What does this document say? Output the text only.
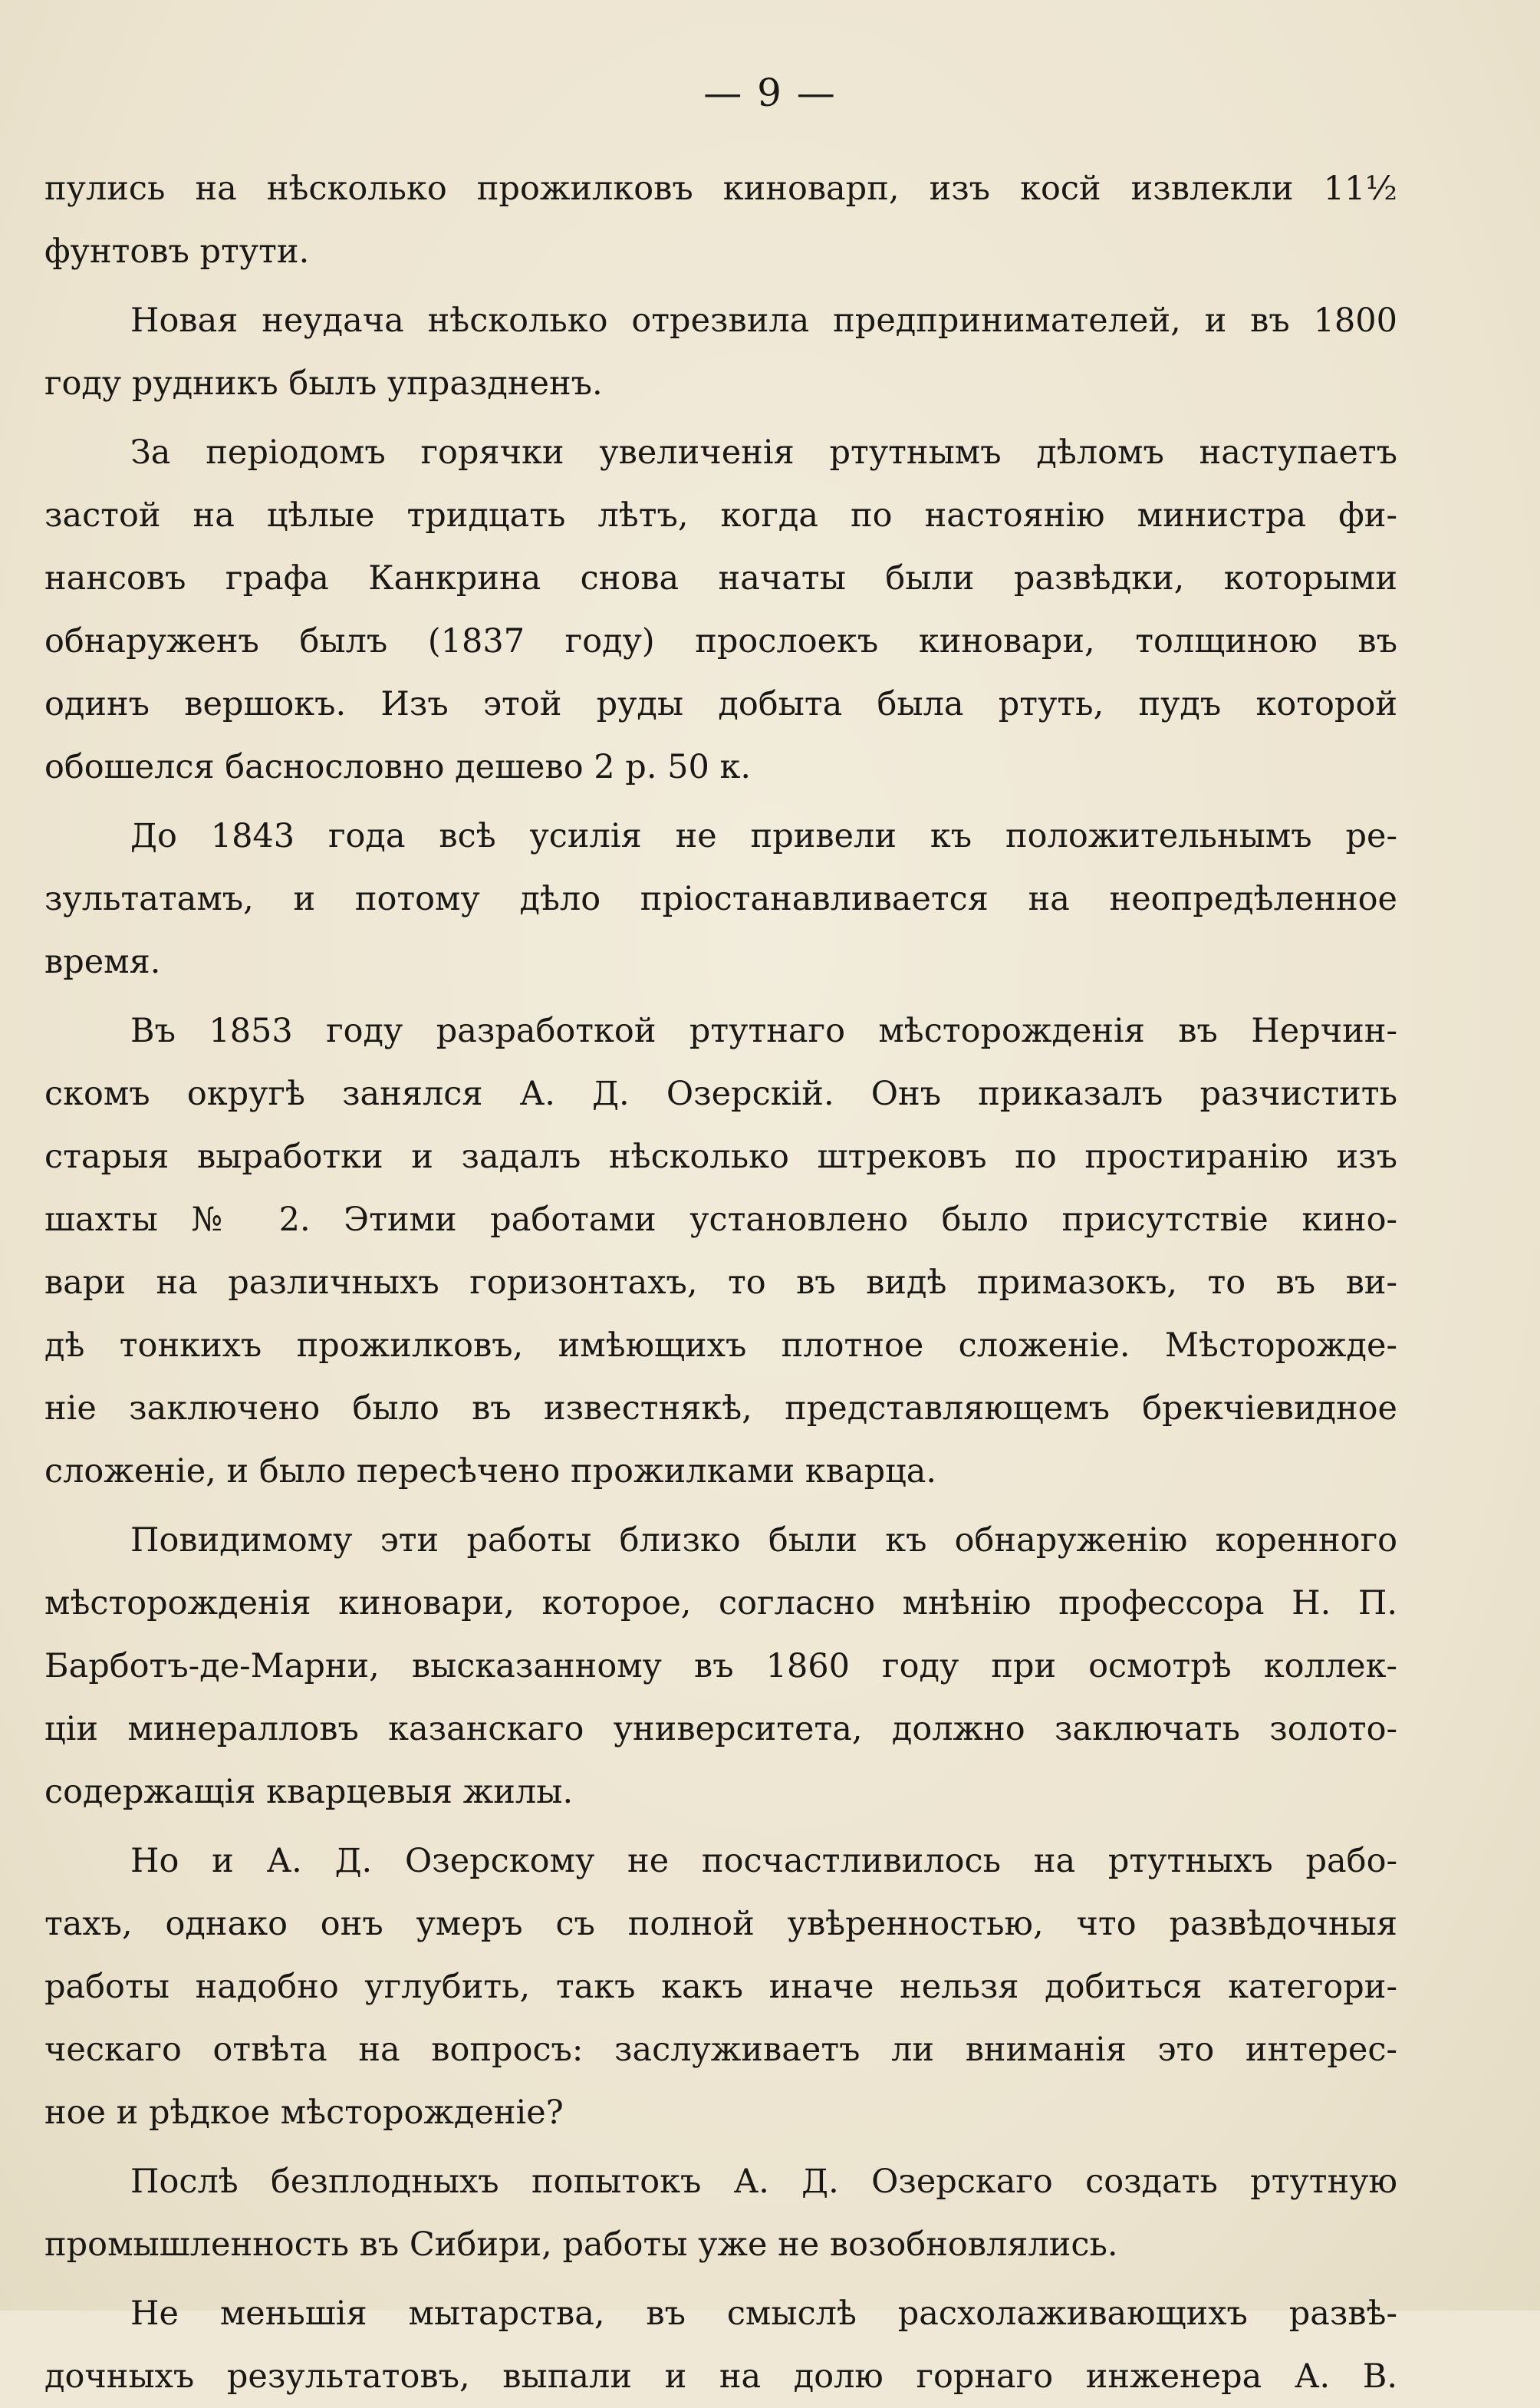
— 9 —
пулись на нѣсколько прожилковъ киноварп, изъ косй извлекли 11½
фунтовъ ртути.
Новая неудача нѣсколько отрезвила предпринимателей, и въ 1800
году рудникъ былъ упраздненъ.
За періодомъ горячки увеличенія ртутнымъ дѣломъ наступаетъ
застой на цѣлые тридцать лѣтъ, когда по настоянію министра фи-
нансовъ графа Канкрина снова начаты были развѣдки, которыми
обнаруженъ былъ (1837 году) прослоекъ киновари, толщиною въ
одинъ вершокъ. Изъ этой руды добыта была ртуть, пудъ которой
обошелся баснословно дешево 2 р. 50 к.
До 1843 года всѣ усилія не привели къ положительнымъ ре-
зультатамъ, и потому дѣло пріостанавливается на неопредѣленное
время.
Въ 1853 году разработкой ртутнаго мѣсторожденія въ Нерчин-
скомъ округѣ занялся А. Д. Озерскій. Онъ приказалъ разчистить
старыя выработки и задалъ нѣсколько штрековъ по простиранію изъ
шахты № 2. Этими работами установлено было присутствіе кино-
вари на различныхъ горизонтахъ, то въ видѣ примазокъ, то въ ви-
дѣ тонкихъ прожилковъ, имѣющихъ плотное сложеніе. Мѣсторожде-
ніе заключено было въ известнякѣ, представляющемъ брекчіевидное
сложеніе, и было пересѣчено прожилками кварца.
Повидимому эти работы близко были къ обнаруженію коренного
мѣсторожденія киновари, которое, согласно мнѣнію профессора Н. П.
Барботъ-де-Марни, высказанному въ 1860 году при осмотрѣ коллек-
ціи минералловъ казанскаго университета, должно заключать золото-
содержащія кварцевыя жилы.
Но и А. Д. Озерскому не посчастливилось на ртутныхъ рабо-
тахъ, однако онъ умеръ съ полной увѣренностью, что развѣдочныя
работы надобно углубить, такъ какъ иначе нельзя добиться категори-
ческаго отвѣта на вопросъ: заслуживаетъ ли вниманія это интерес-
ное и рѣдкое мѣсторожденіе?
Послѣ безплодныхъ попытокъ А. Д. Озерскаго создать ртутную
промышленность въ Сибири, работы уже не возобновлялись.
Не меньшія мытарства, въ смыслѣ расхолаживающихъ развѣ-
дочныхъ результатовъ, выпали и на долю горнаго инженера А. В.
